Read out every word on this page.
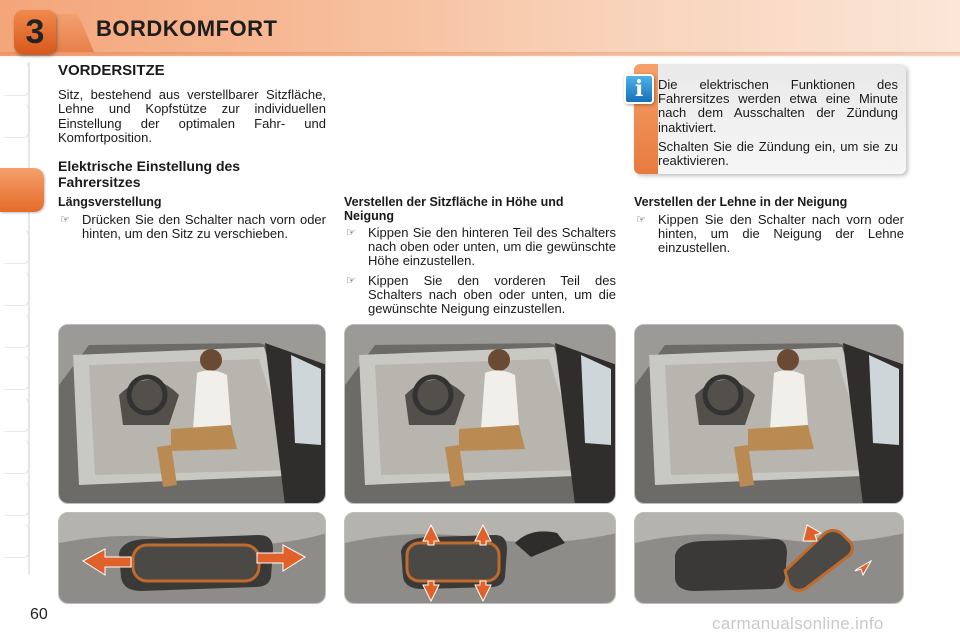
3 BORDKOMFORT
VORDERSITZE
Sitz, bestehend aus verstellbarer Sitzfläche, Lehne und Kopfstütze zur individuellen Einstellung der optimalen Fahr- und Komfortposition.
Elektrische Einstellung des Fahrersitzes
i	Die elektrischen Funktionen des Fahrersitzes werden etwa eine Minute nach dem Ausschalten der Zündung inaktiviert.

Schalten Sie die Zündung ein, um sie zu reaktivieren.

Längsverstellung
☞ Drücken Sie den Schalter nach vorn oder hinten, um den Sitz zu verschieben.
Verstellen der Sitzfläche in Höhe und Neigung
☞ Kippen Sie den hinteren Teil des Schalters nach oben oder unten, um die gewünschte Höhe einzustellen.
☞ Kippen Sie den vorderen Teil des Schalters nach oben oder unten, um die gewünschte Neigung einzustellen.
Verstellen der Lehne in der Neigung
☞ Kippen Sie den Schalter nach vorn oder hinten, um die Neigung der Lehne einzustellen.
60	carmanualsonline.info
